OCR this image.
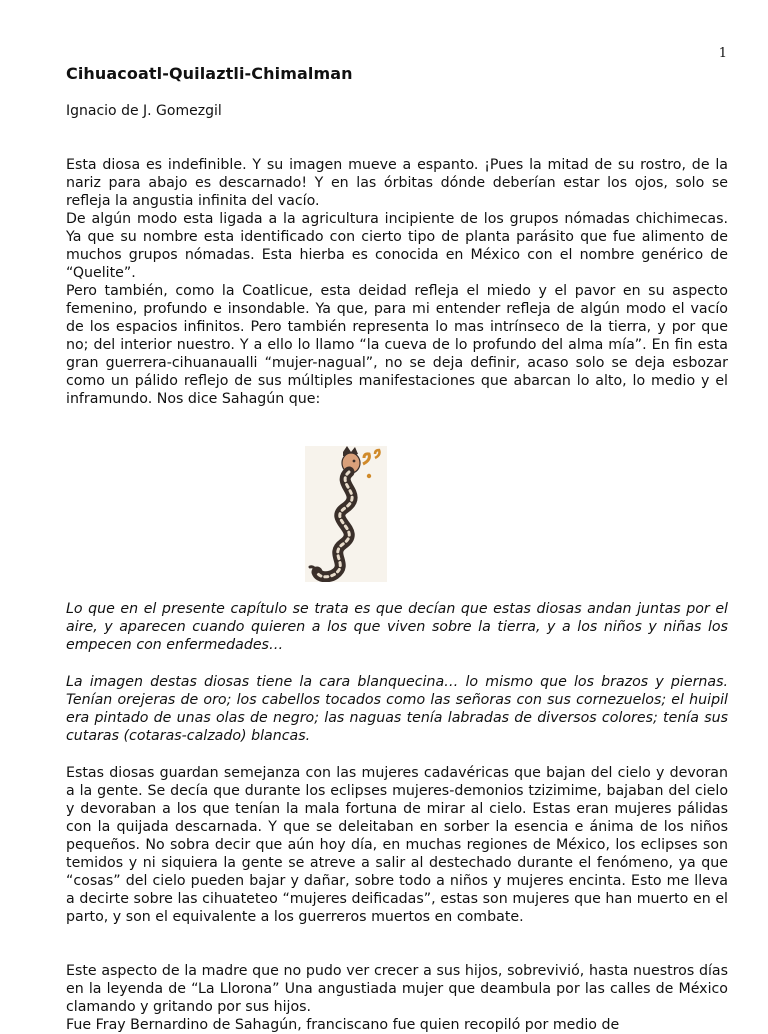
1
Cihuacoatl-Quilaztli-Chimalman

Ignacio de J. Gomezgil

Esta diosa es indefinible. Y su imagen mueve a espanto. ¡Pues la mitad de su rostro, de la nariz para abajo es descarnado! Y en las órbitas dónde deberían estar los ojos, solo se refleja la angustia infinita del vacío.

De algún modo esta ligada a la agricultura incipiente de los grupos nómadas chichimecas. Ya que su nombre esta identificado con cierto tipo de planta parásito que fue alimento de muchos grupos nómadas. Esta hierba es conocida en México con el nombre genérico de “Quelite”.

Pero también, como la Coatlicue, esta deidad refleja el miedo y el pavor en su aspecto femenino, profundo e insondable. Ya que, para mi entender refleja de algún modo el vacío de los espacios infinitos. Pero también representa lo mas intrínseco de la tierra, y por que no; del interior nuestro. Y a ello lo llamo “la cueva de lo profundo del alma mía”. En fin esta gran guerrera-cihuanaualli “mujer-nagual”, no se deja definir, acaso solo se deja esbozar como un pálido reflejo de sus múltiples manifestaciones que abarcan lo alto, lo medio y el inframundo. Nos dice Sahagún que:

Lo que en el presente capítulo se trata es que decían que estas diosas andan juntas por el aire, y aparecen cuando quieren a los que viven sobre la tierra, y a los niños y niñas los empecen con enfermedades…

La imagen destas diosas tiene la cara blanquecina… lo mismo que los brazos y piernas. Tenían orejeras de oro; los cabellos tocados como las señoras con sus cornezuelos; el huipil era pintado de unas olas de negro; las naguas tenía labradas de diversos colores; tenía sus cutaras (cotaras-calzado) blancas.

Estas diosas guardan semejanza con las mujeres cadavéricas que bajan del cielo y devoran a la gente. Se decía que durante los eclipses mujeres-demonios tzizimime, bajaban del cielo y devoraban a los que tenían la mala fortuna de mirar al cielo. Estas eran mujeres pálidas con la quijada descarnada. Y que se deleitaban en sorber la esencia e ánima de los niños pequeños. No sobra decir que aún hoy día, en muchas regiones de México, los eclipses son temidos y ni siquiera la gente se atreve a salir al destechado durante el fenómeno, ya que “cosas” del cielo pueden bajar y dañar, sobre todo a niños y mujeres encinta. Esto me lleva a decirte sobre las cihuateteo “mujeres deificadas”, estas son mujeres que han muerto en el parto, y son el equivalente a los guerreros muertos en combate.

Este aspecto de la madre que no pudo ver crecer a sus hijos, sobrevivió, hasta nuestros días en la leyenda de “La Llorona” Una angustiada mujer que deambula por las calles de México clamando y gritando por sus hijos.

Fue Fray Bernardino de Sahagún, franciscano fue quien recopiló por medio de
